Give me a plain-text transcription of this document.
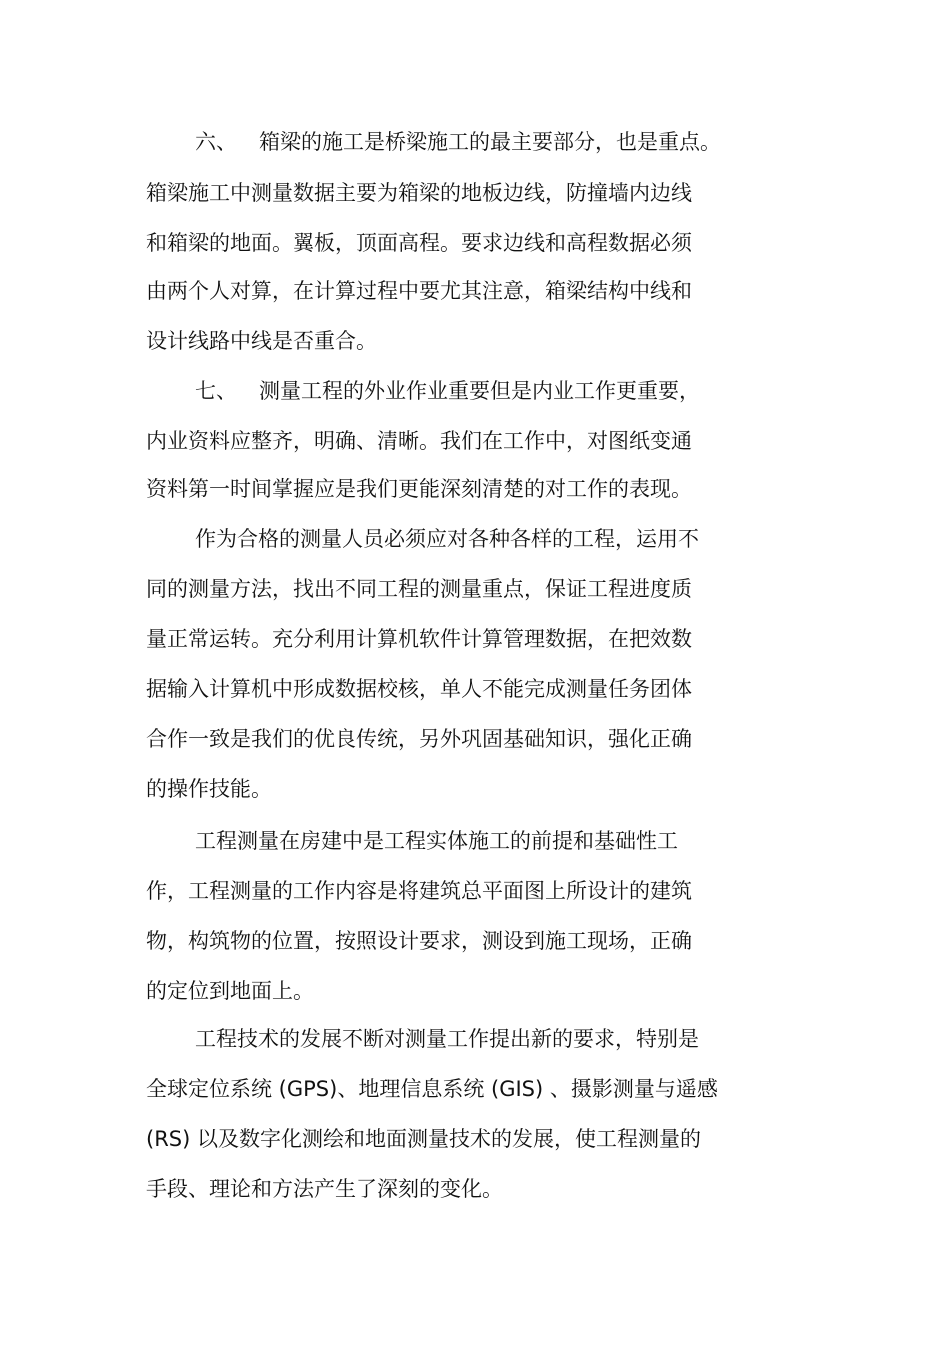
六、 箱梁的施工是桥梁施工的最主要部分，也是重点。
箱梁施工中测量数据主要为箱梁的地板边线，防撞墙内边线
和箱梁的地面。翼板，顶面高程。要求边线和高程数据必须
由两个人对算，在计算过程中要尤其注意，箱梁结构中线和
设计线路中线是否重合。
七、 测量工程的外业作业重要但是内业工作更重要，
内业资料应整齐，明确、清晰。我们在工作中，对图纸变通
资料第一时间掌握应是我们更能深刻清楚的对工作的表现。
作为合格的测量人员必须应对各种各样的工程，运用不
同的测量方法，找出不同工程的测量重点，保证工程进度质
量正常运转。充分利用计算机软件计算管理数据，在把效数
据输入计算机中形成数据校核，单人不能完成测量任务团体
合作一致是我们的优良传统，另外巩固基础知识，强化正确
的操作技能。
工程测量在房建中是工程实体施工的前提和基础性工
作，工程测量的工作内容是将建筑总平面图上所设计的建筑
物，构筑物的位置，按照设计要求，测设到施工现场，正确
的定位到地面上。
工程技术的发展不断对测量工作提出新的要求，特别是
全球定位系统 (GPS)、地理信息系统 (GIS) 、摄影测量与遥感
(RS) 以及数字化测绘和地面测量技术的发展，使工程测量的
手段、理论和方法产生了深刻的变化。
